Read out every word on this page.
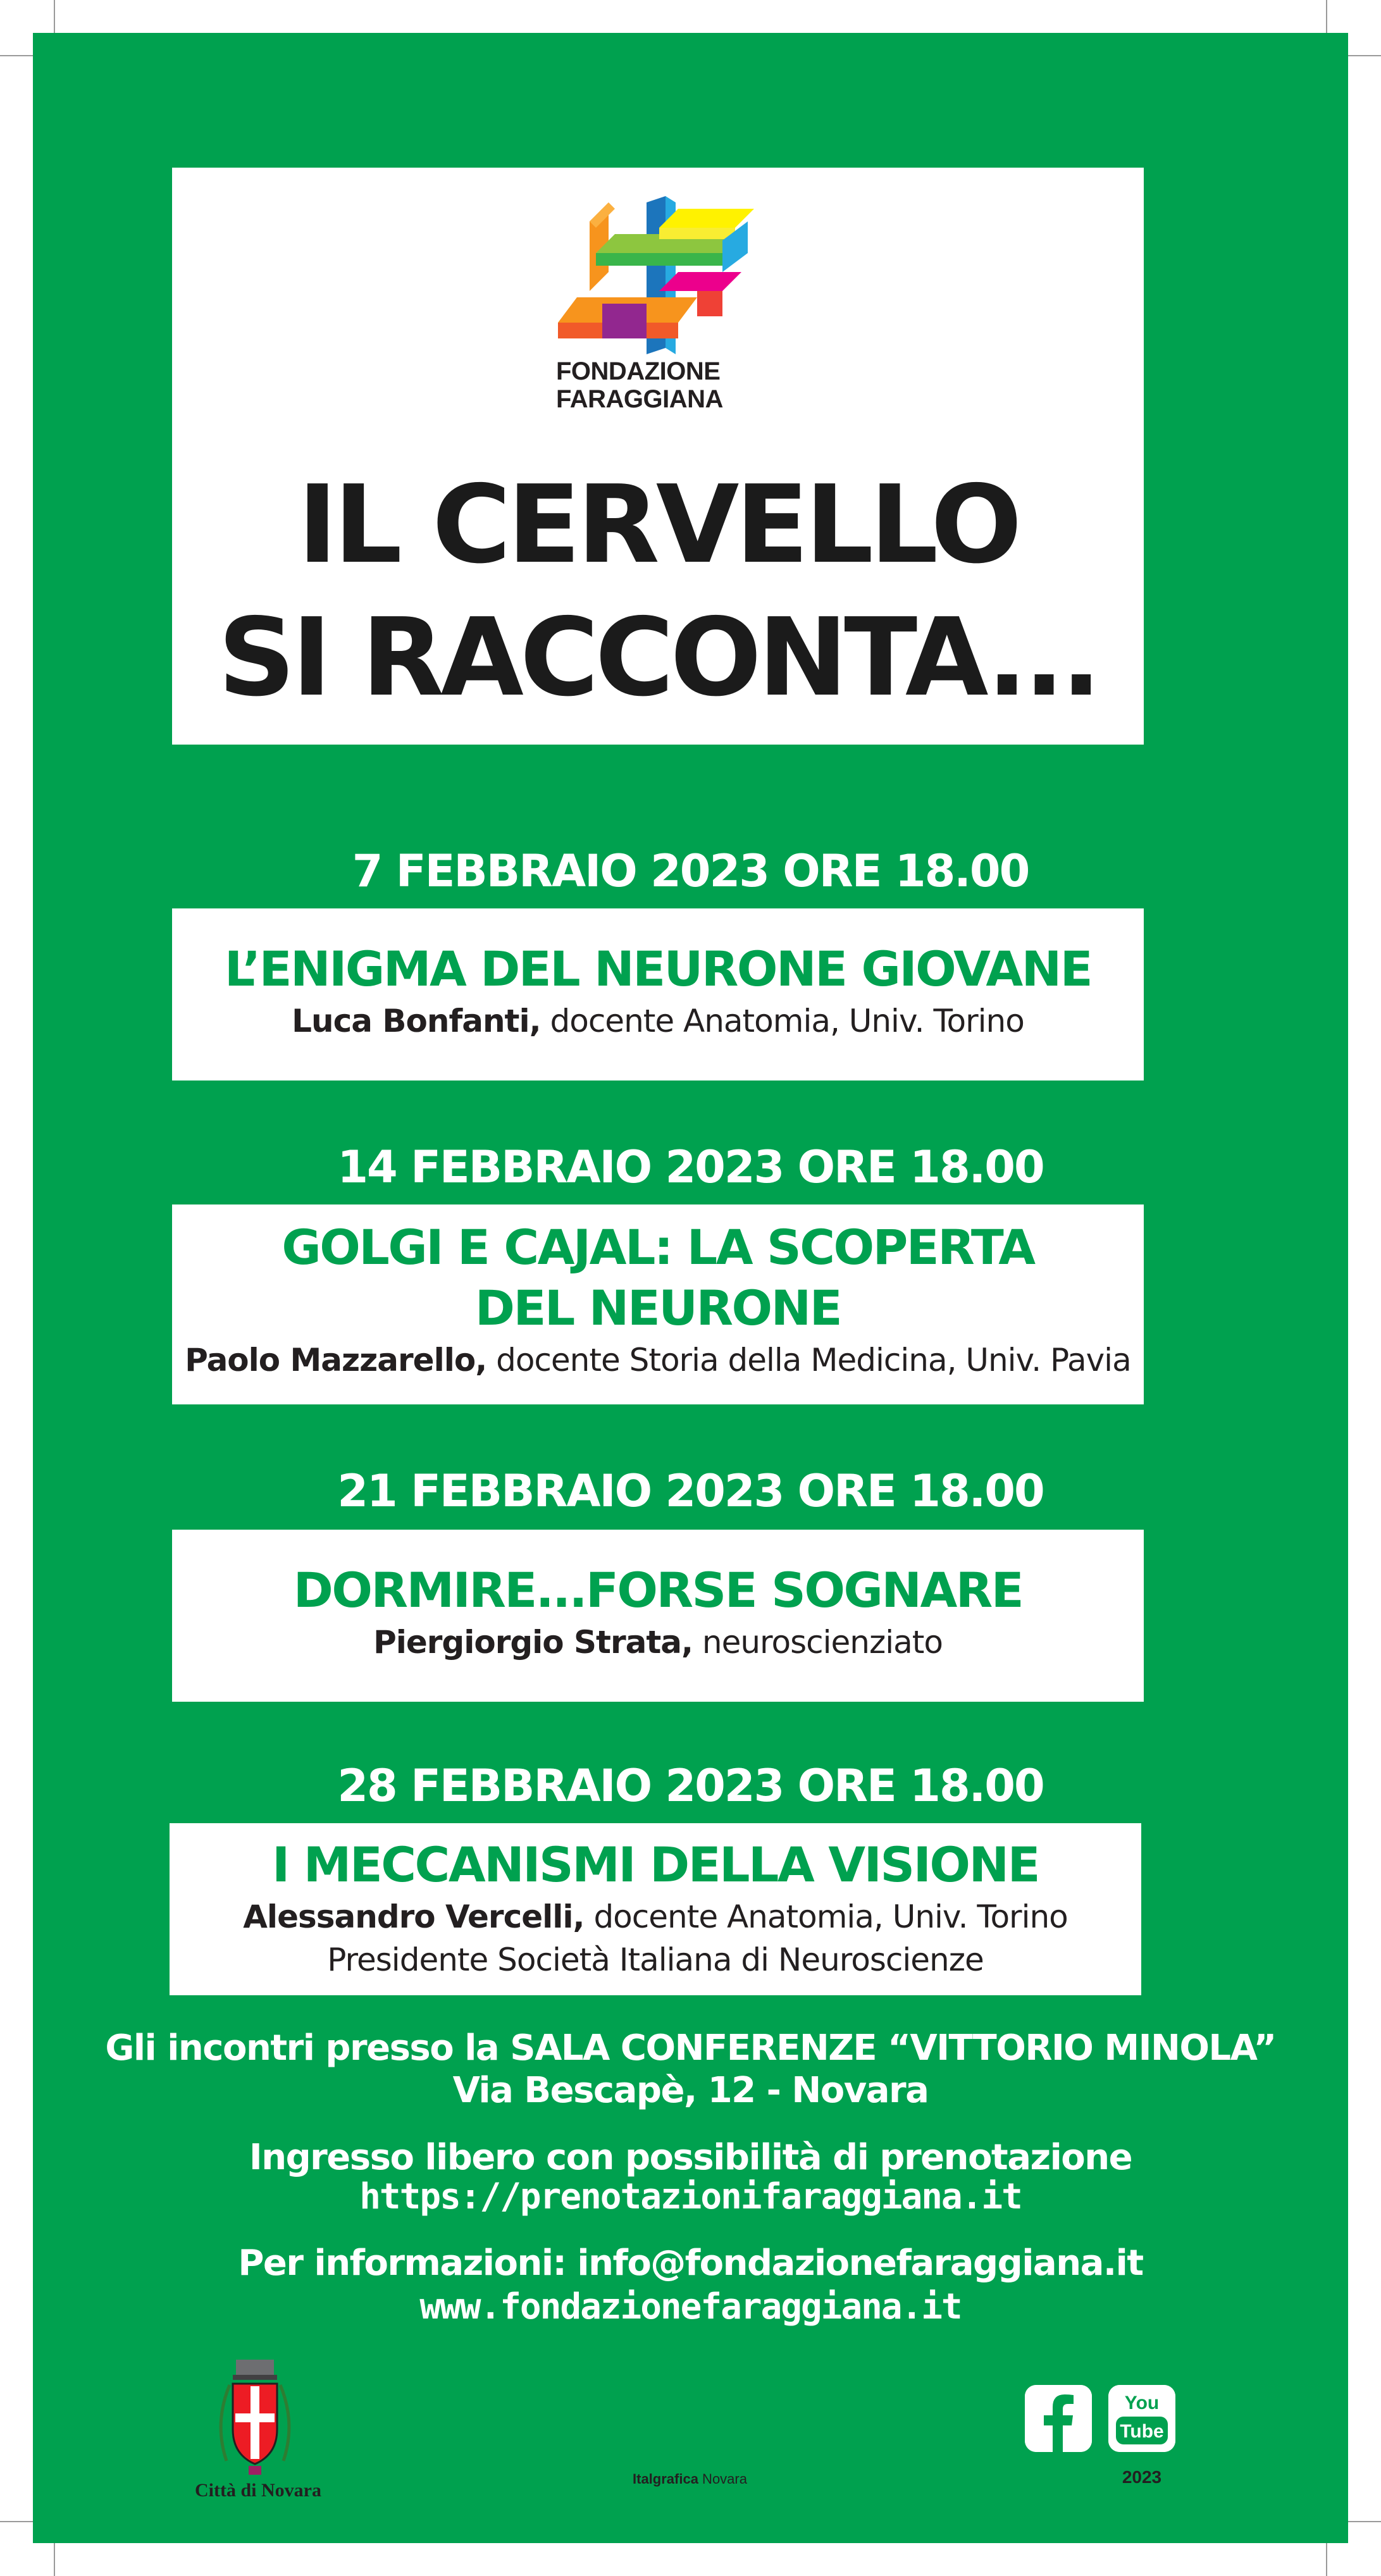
FONDAZIONE
FARAGGIANA
IL CERVELLO
SI RACCONTA...
7 FEBBRAIO 2023 ORE 18.00
L’ENIGMA DEL NEURONE GIOVANE
Luca Bonfanti, docente Anatomia, Univ. Torino
14 FEBBRAIO 2023 ORE 18.00
GOLGI E CAJAL: LA SCOPERTA
DEL NEURONE
Paolo Mazzarello, docente Storia della Medicina, Univ. Pavia
21 FEBBRAIO 2023 ORE 18.00
DORMIRE...FORSE SOGNARE
Piergiorgio Strata, neuroscienziato
28 FEBBRAIO 2023 ORE 18.00
I MECCANISMI DELLA VISIONE
Alessandro Vercelli, docente Anatomia, Univ. Torino
Presidente Società Italiana di Neuroscienze
Gli incontri presso la SALA CONFERENZE “VITTORIO MINOLA”
Via Bescapè, 12 - Novara
Ingresso libero con possibilità di prenotazione
https://prenotazionifaraggiana.it
Per informazioni: info@fondazionefaraggiana.it
www.fondazionefaraggiana.it
Città di Novara
Italgrafica Novara
You
Tube
2023
